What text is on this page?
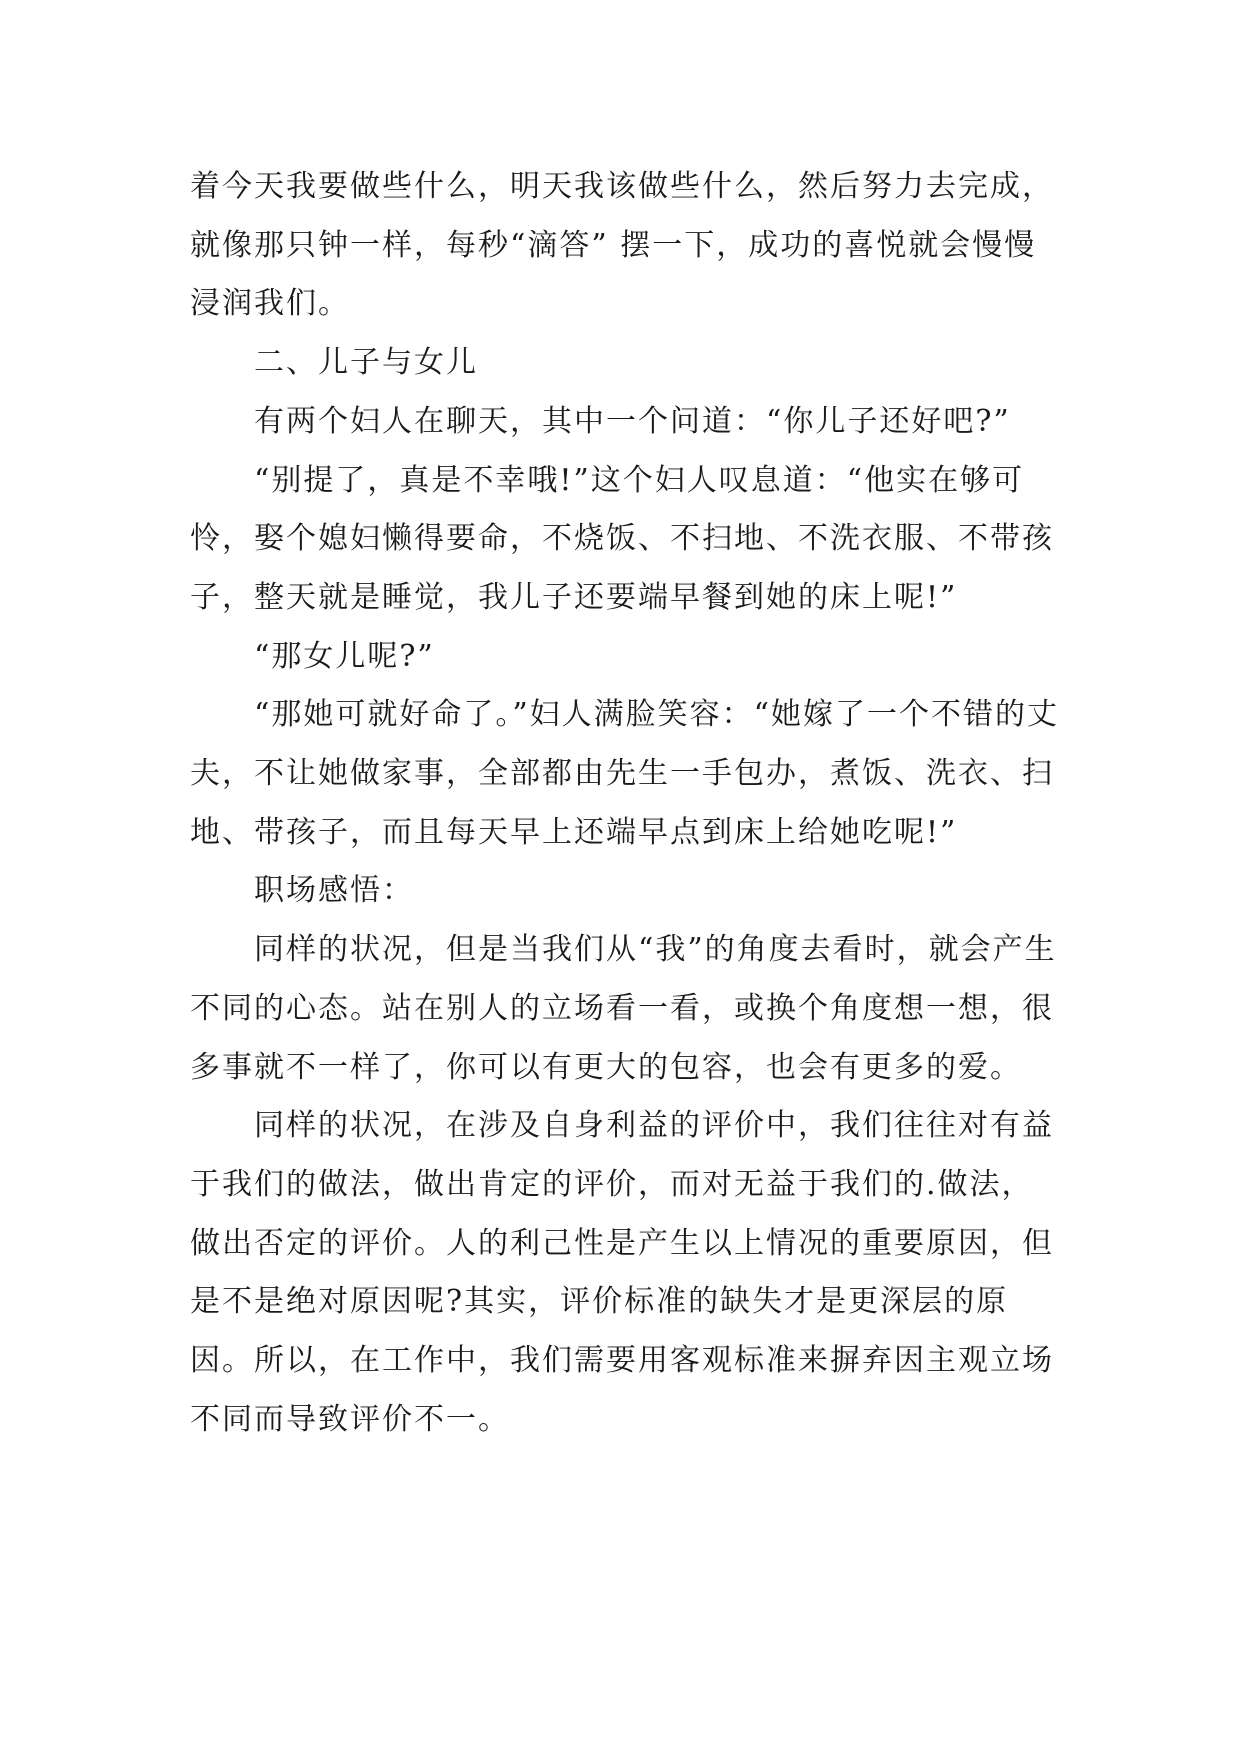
着今天我要做些什么，明天我该做些什么，然后努力去完成，就像那只钟一样，每秒“滴答” 摆一下，成功的喜悦就会慢慢浸润我们。

二、儿子与女儿

有两个妇人在聊天，其中一个问道：“你儿子还好吧?”

“别提了，真是不幸哦!”这个妇人叹息道：“他实在够可怜，娶个媳妇懒得要命，不烧饭、不扫地、不洗衣服、不带孩子，整天就是睡觉，我儿子还要端早餐到她的床上呢!”

“那女儿呢?”

“那她可就好命了。”妇人满脸笑容：“她嫁了一个不错的丈夫，不让她做家事，全部都由先生一手包办，煮饭、洗衣、扫地、带孩子，而且每天早上还端早点到床上给她吃呢!”

职场感悟：

同样的状况，但是当我们从“我”的角度去看时，就会产生不同的心态。站在别人的立场看一看，或换个角度想一想，很多事就不一样了，你可以有更大的包容，也会有更多的爱。

同样的状况，在涉及自身利益的评价中，我们往往对有益于我们的做法，做出肯定的评价，而对无益于我们的.做法，做出否定的评价。人的利己性是产生以上情况的重要原因，但是不是绝对原因呢?其实，评价标准的缺失才是更深层的原因。所以，在工作中，我们需要用客观标准来摒弃因主观立场不同而导致评价不一。
